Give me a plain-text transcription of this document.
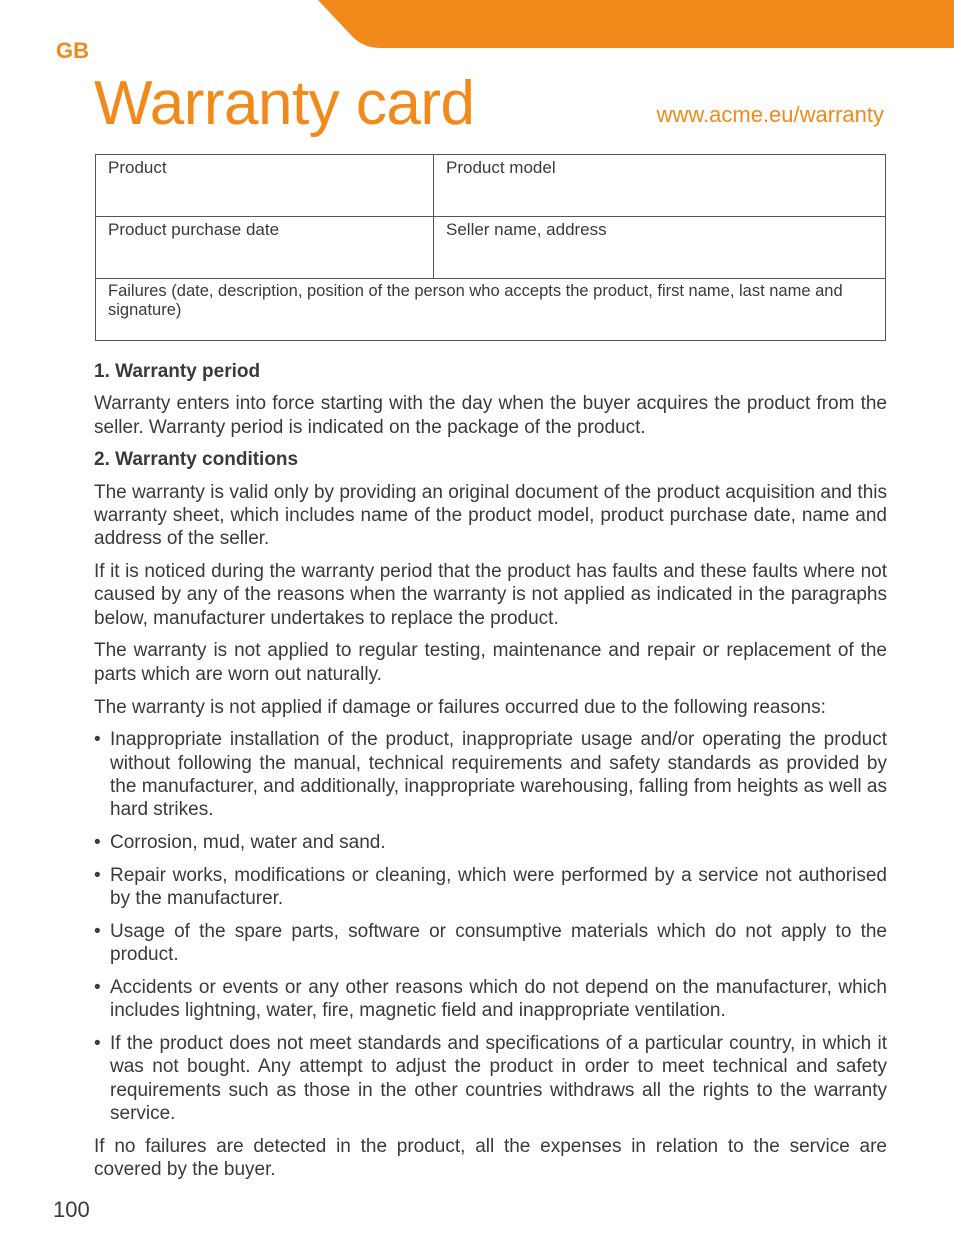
GB
Warranty card	www.acme.eu/warranty
Product	Product model
Product purchase date	Seller name, address
Failures (date, description, position of the person who accepts the product, first name, last name and signature)
1. Warranty period

Warranty enters into force starting with the day when the buyer acquires the product from the seller. Warranty period is indicated on the package of the product.

2. Warranty conditions

The warranty is valid only by providing an original document of the product acquisition and this warranty sheet, which includes name of the product model, product purchase date, name and address of the seller.

If it is noticed during the warranty period that the product has faults and these faults where not caused by any of the reasons when the warranty is not applied as indicated in the paragraphs below, manufacturer undertakes to replace the product.

The warranty is not applied to regular testing, maintenance and repair or replacement of the parts which are worn out naturally.

The warranty is not applied if damage or failures occurred due to the following reasons:

• Inappropriate installation of the product, inappropriate usage and/or operating the product without following the manual, technical requirements and safety standards as provided by the manufacturer, and additionally, inappropriate warehousing, falling from heights as well as hard strikes.
• Corrosion, mud, water and sand.
• Repair works, modifications or cleaning, which were performed by a service not authorised by the manufacturer.
• Usage of the spare parts, software or consumptive materials which do not apply to the product.
• Accidents or events or any other reasons which do not depend on the manufacturer, which includes lightning, water, fire, magnetic field and inappropriate ventilation.
• If the product does not meet standards and specifications of a particular country, in which it was not bought. Any attempt to adjust the product in order to meet technical and safety requirements such as those in the other countries withdraws all the rights to the warranty service.

If no failures are detected in the product, all the expenses in relation to the service are covered by the buyer.

100
